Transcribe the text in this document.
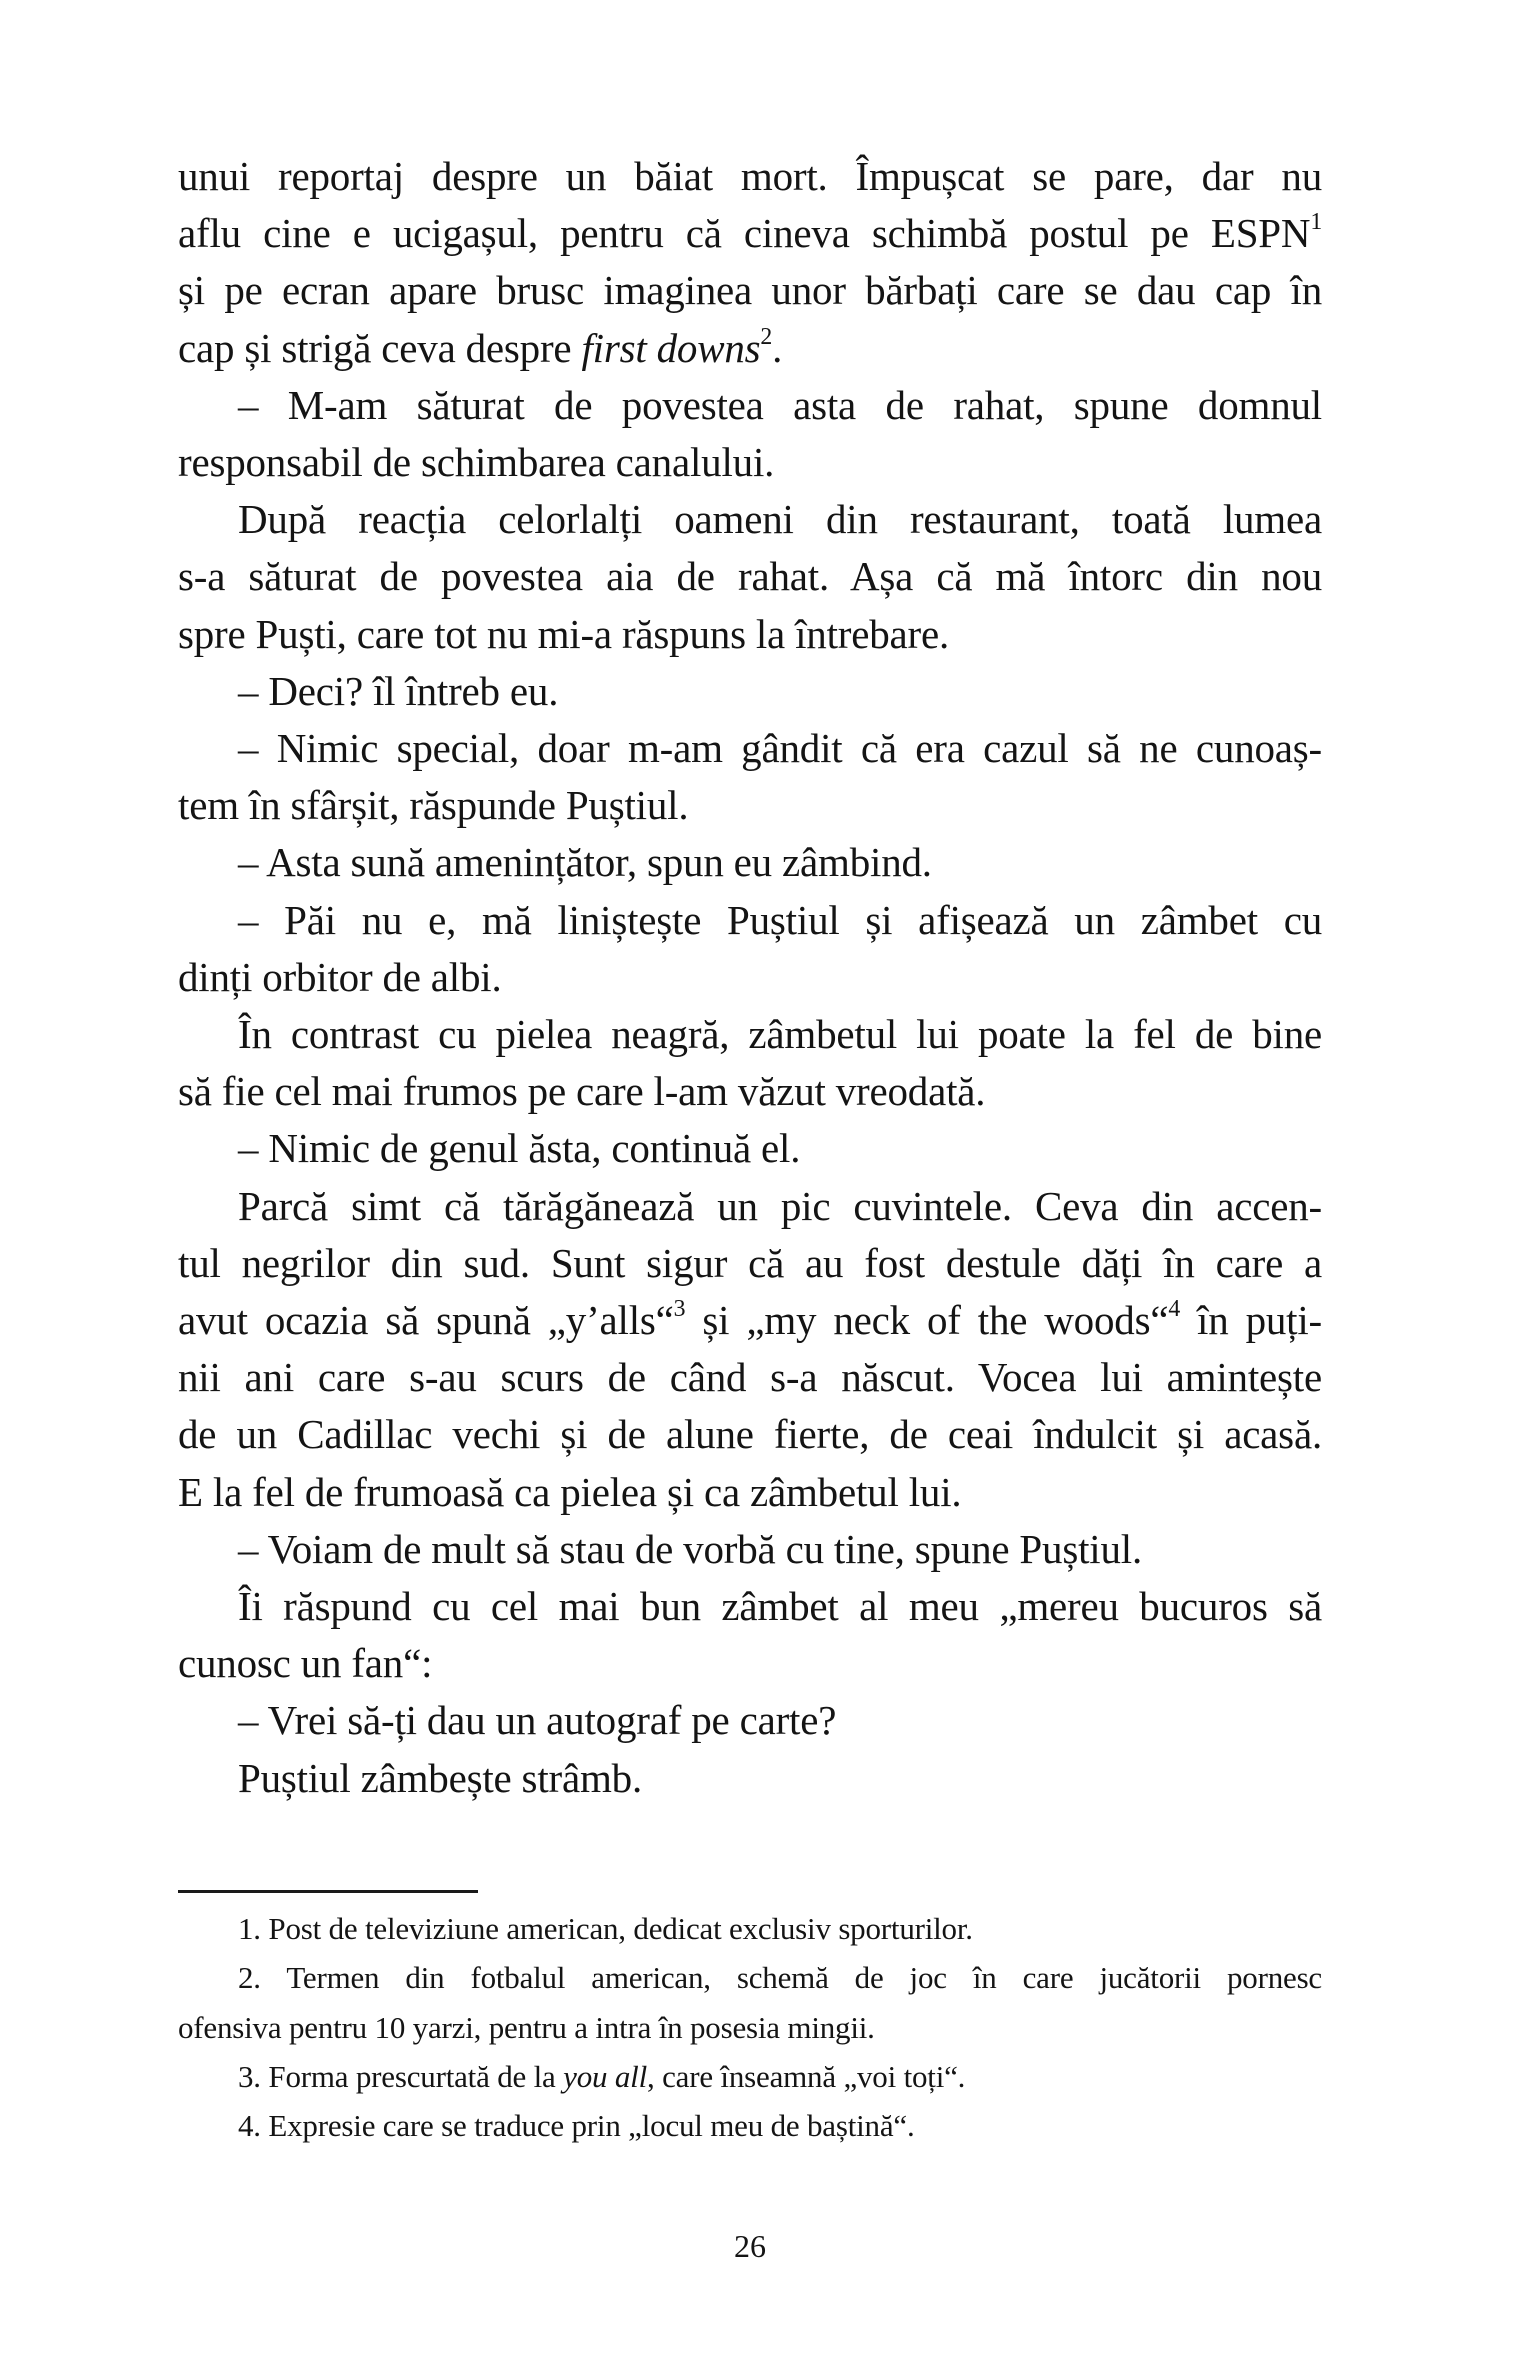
unui reportaj despre un băiat mort. Împușcat se pare, dar nu
aflu cine e ucigașul, pentru că cineva schimbă postul pe ESPN$^1$
și pe ecran apare brusc imaginea unor bărbați care se dau cap în
cap și strigă ceva despre first downs$^2$.
– M-am săturat de povestea asta de rahat, spune domnul
responsabil de schimbarea canalului.
După reacția celorlalți oameni din restaurant, toată lumea
s-a săturat de povestea aia de rahat. Așa că mă întorc din nou
spre Puști, care tot nu mi-a răspuns la întrebare.
– Deci? îl întreb eu.
– Nimic special, doar m-am gândit că era cazul să ne cunoaș-
tem în sfârșit, răspunde Puștiul.
– Asta sună amenințător, spun eu zâmbind.
– Păi nu e, mă liniștește Puștiul și afișează un zâmbet cu
dinți orbitor de albi.
În contrast cu pielea neagră, zâmbetul lui poate la fel de bine
să fie cel mai frumos pe care l-am văzut vreodată.
– Nimic de genul ăsta, continuă el.
Parcă simt că tărăgănează un pic cuvintele. Ceva din accen-
tul negrilor din sud. Sunt sigur că au fost destule dăți în care a
avut ocazia să spună „y’alls“$^3$ și „my neck of the woods“$^4$ în puți-
nii ani care s-au scurs de când s-a născut. Vocea lui amintește
de un Cadillac vechi și de alune fierte, de ceai îndulcit și acasă.
E la fel de frumoasă ca pielea și ca zâmbetul lui.
– Voiam de mult să stau de vorbă cu tine, spune Puștiul.
Îi răspund cu cel mai bun zâmbet al meu „mereu bucuros să
cunosc un fan“:
– Vrei să-ți dau un autograf pe carte?
Puștiul zâmbește strâmb.
1. Post de televiziune american, dedicat exclusiv sporturilor.
2. Termen din fotbalul american, schemă de joc în care jucătorii pornesc
ofensiva pentru 10 yarzi, pentru a intra în posesia mingii.
3. Forma prescurtată de la you all, care înseamnă „voi toți“.
4. Expresie care se traduce prin „locul meu de baștină“.
26
